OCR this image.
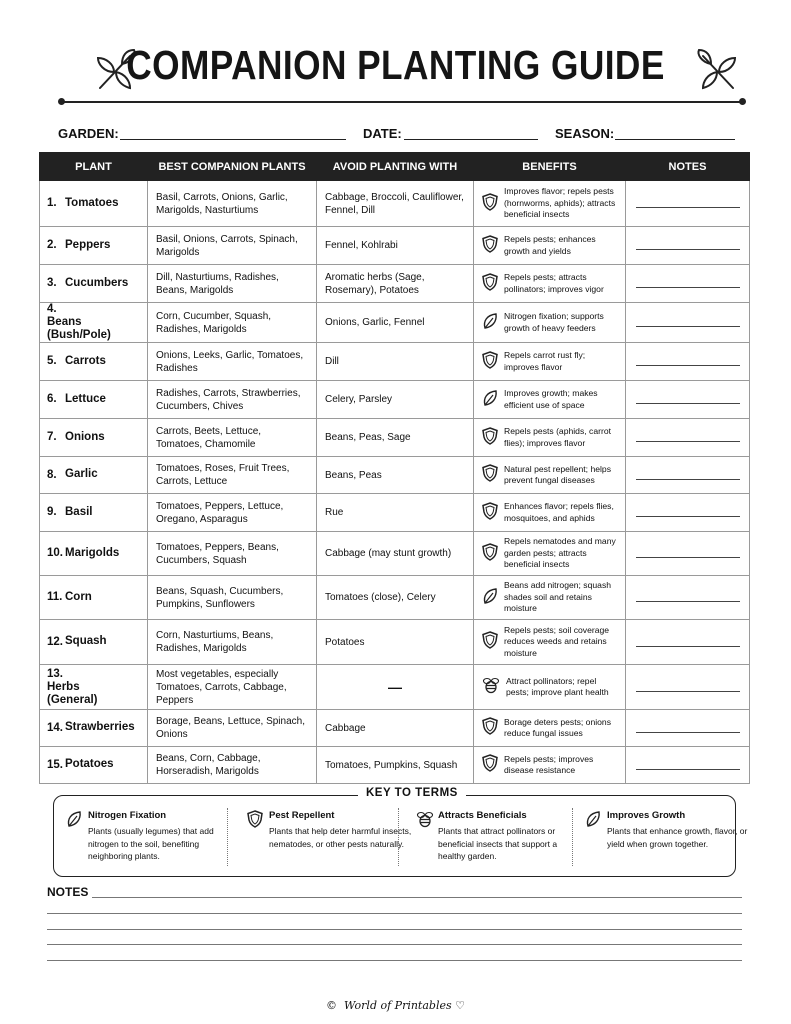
COMPANION PLANTING GUIDE
GARDEN:	DATE:	SEASON:
PLANT	BEST COMPANION PLANTS	AVOID PLANTING WITH	BENEFITS	NOTES
1. Tomatoes	Basil, Carrots, Onions, Garlic, Marigolds, Nasturtiums	Cabbage, Broccoli, Cauliflower, Fennel, Dill	Improves flavor; repels pests (hornworms, aphids); attracts beneficial insects	

2. Peppers	Basil, Onions, Carrots, Spinach, Marigolds	Fennel, Kohlrabi	Repels pests; enhances growth and yields	

3. Cucumbers	Dill, Nasturtiums, Radishes, Beans, Marigolds	Aromatic herbs (Sage, Rosemary), Potatoes	Repels pests; attracts pollinators; improves vigor	

4.Beans (Bush/Pole)	Corn, Cucumber, Squash, Radishes, Marigolds	Onions, Garlic, Fennel	Nitrogen fixation; supports growth of heavy feeders	

5. Carrots	Onions, Leeks, Garlic, Tomatoes, Radishes	Dill	Repels carrot rust fly; improves flavor	

6. Lettuce	Radishes, Carrots, Strawberries, Cucumbers, Chives	Celery, Parsley	Improves growth; makes efficient use of space	

7. Onions	Carrots, Beets, Lettuce, Tomatoes, Chamomile	Beans, Peas, Sage	Repels pests (aphids, carrot flies); improves flavor	

8. Garlic	Tomatoes, Roses, Fruit Trees, Carrots, Lettuce	Beans, Peas	Natural pest repellent; helps prevent fungal diseases	

9. Basil	Tomatoes, Peppers, Lettuce, Oregano, Asparagus	Rue	Enhances flavor; repels flies, mosquitoes, and aphids	

10. Marigolds	Tomatoes, Peppers, Beans, Cucumbers, Squash	Cabbage (may stunt growth)	Repels nematodes and many garden pests; attracts beneficial insects	

11. Corn	Beans, Squash, Cucumbers, Pumpkins, Sunflowers	Tomatoes (close), Celery	Beans add nitrogen; squash shades soil and retains moisture	

12. Squash	Corn, Nasturtiums, Beans, Radishes, Marigolds	Potatoes	Repels pests; soil coverage reduces weeds and retains moisture	

13.Herbs (General)	Most vegetables, especially Tomatoes, Carrots, Cabbage, Peppers	—	Attract pollinators; repel pests; improve plant health	

14. Strawberries	Borage, Beans, Lettuce, Spinach, Onions	Cabbage	Borage deters pests; onions reduce fungal issues	

15. Potatoes	Beans, Corn, Cabbage, Horseradish, Marigolds	Tomatoes, Pumpkins, Squash	Repels pests; improves disease resistance	

KEY TO TERMS
Nitrogen Fixation
Plants (usually legumes) that add nitrogen to the soil, benefiting neighboring plants.
Pest Repellent
Plants that help deter harmful insects, nematodes, or other pests naturally.
Attracts Beneficials
Plants that attract pollinators or beneficial insects that support a healthy garden.
Improves Growth
Plants that enhance growth, flavor, or yield when grown together.
NOTES
© World of Printables ♡
